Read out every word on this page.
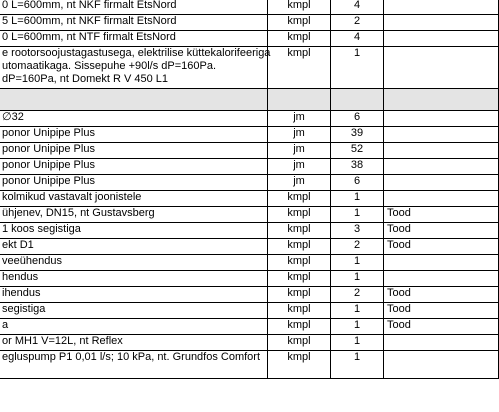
0 L=600mm, nt NKF firmalt EtsNord	kmpl	4	

5 L=600mm, nt NKF firmalt EtsNord	kmpl	2	

0 L=600mm, nt NTF firmalt EtsNord	kmpl	4	

e rootorsoojustagastusega, elektrilise küttekalorifeeriga
utomaatikaga. Sissepuhe +90l/s dP=160Pa.
dP=160Pa, nt Domekt R V 450 L1	kmpl	1	

∅32	jm	6	

ponor Unipipe Plus	jm	39	

ponor Unipipe Plus	jm	52	

ponor Unipipe Plus	jm	38	

ponor Unipipe Plus	jm	6	

kolmikud vastavalt joonistele	kmpl	1	

ühjenev, DN15, nt Gustavsberg	kmpl	1	Tood

1 koos segistiga	kmpl	3	Tood

ekt D1	kmpl	2	Tood

veeühendus	kmpl	1	

hendus	kmpl	1	

ihendus	kmpl	2	Tood

segistiga	kmpl	1	Tood

a	kmpl	1	Tood

or MH1 V=12L, nt Reflex	kmpl	1	

egluspump P1 0,01 l/s; 10 kPa, nt. Grundfos Comfort	kmpl	1	
